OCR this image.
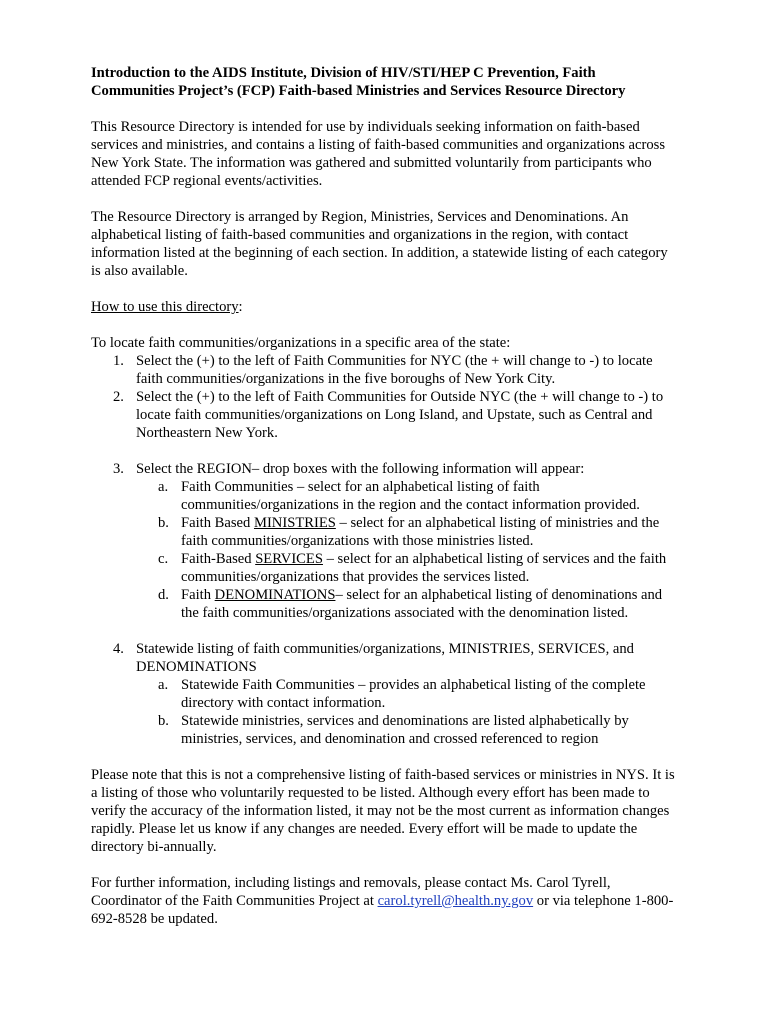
Introduction to the AIDS Institute, Division of HIV/STI/HEP C Prevention, Faith
Communities Project’s (FCP) Faith-based Ministries and Services Resource Directory

This Resource Directory is intended for use by individuals seeking information on faith-based services and ministries, and contains a listing of faith-based communities and organizations across New York State. The information was gathered and submitted voluntarily from participants who attended FCP regional events/activities.

The Resource Directory is arranged by Region, Ministries, Services and Denominations. An alphabetical listing of faith-based communities and organizations in the region, with contact information listed at the beginning of each section. In addition, a statewide listing of each category is also available.

How to use this directory:

To locate faith communities/organizations in a specific area of the state:
1. Select the (+) to the left of Faith Communities for NYC (the + will change to -) to locate faith communities/organizations in the five boroughs of New York City.
2. Select the (+) to the left of Faith Communities for Outside NYC (the + will change to -) to locate faith communities/organizations on Long Island, and Upstate, such as Central and Northeastern New York.
3. Select the REGION– drop boxes with the following information will appear:
a. Faith Communities – select for an alphabetical listing of faith communities/organizations in the region and the contact information provided.
b. Faith Based MINISTRIES – select for an alphabetical listing of ministries and the faith communities/organizations with those ministries listed.
c. Faith-Based SERVICES – select for an alphabetical listing of services and the faith communities/organizations that provides the services listed.
d. Faith DENOMINATIONS– select for an alphabetical listing of denominations and the faith communities/organizations associated with the denomination listed.
4. Statewide listing of faith communities/organizations, MINISTRIES, SERVICES, and DENOMINATIONS
a. Statewide Faith Communities – provides an alphabetical listing of the complete directory with contact information.
b. Statewide ministries, services and denominations are listed alphabetically by ministries, services, and denomination and crossed referenced to region

Please note that this is not a comprehensive listing of faith-based services or ministries in NYS. It is a listing of those who voluntarily requested to be listed. Although every effort has been made to verify the accuracy of the information listed, it may not be the most current as information changes rapidly. Please let us know if any changes are needed. Every effort will be made to update the directory bi-annually.

For further information, including listings and removals, please contact Ms. Carol Tyrell, Coordinator of the Faith Communities Project at carol.tyrell@health.ny.gov or via telephone 1-800-692-8528 be updated.
